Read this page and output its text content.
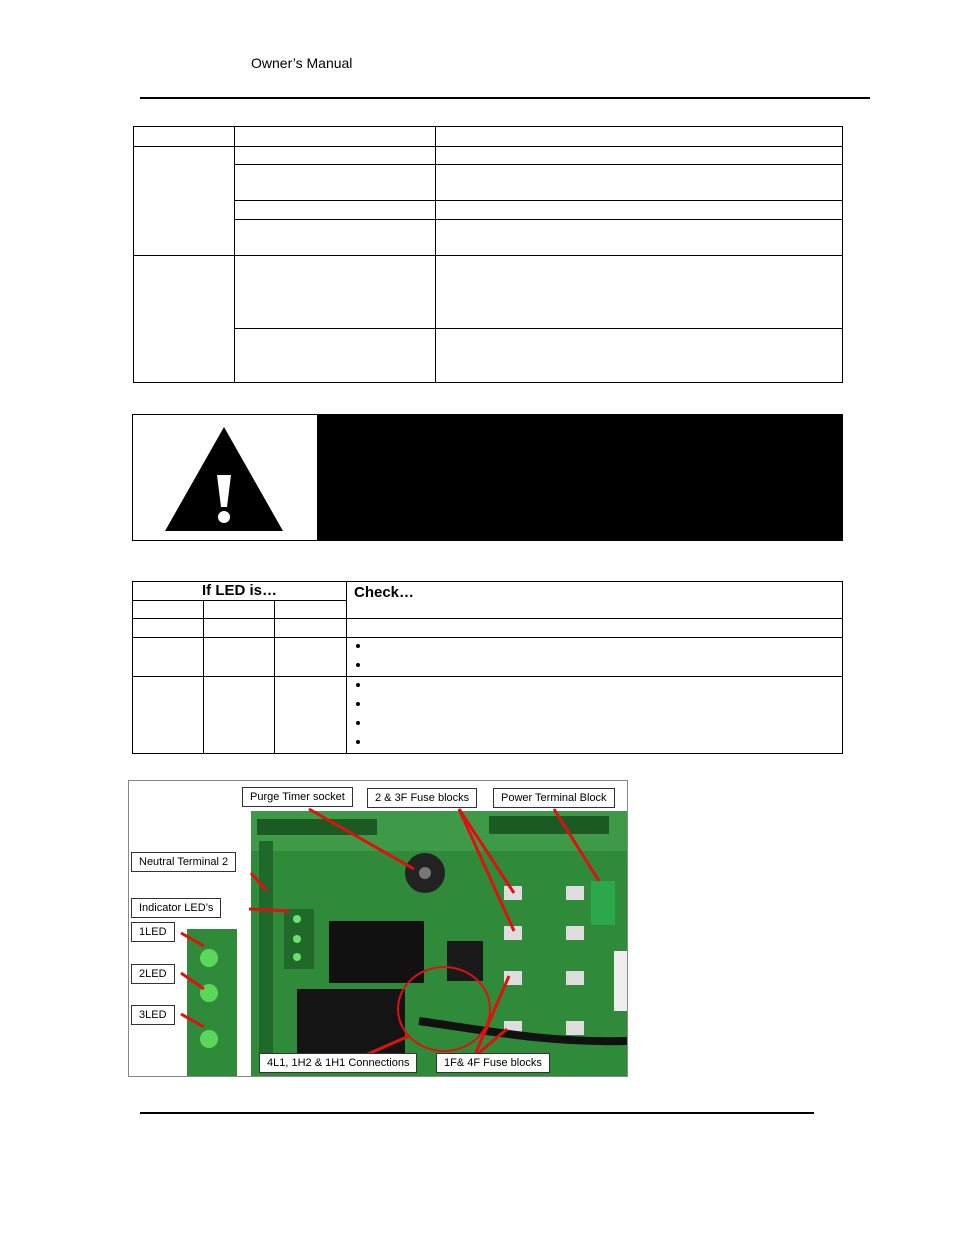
Owner’s Manual

If LED is…			Check…

•
•

•
•
•
•
Purge Timer socket	2 & 3F Fuse blocks	Power Terminal Block
Neutral Terminal 2
Indicator LED’s
1LED
2LED
3LED
4L1, 1H2 & 1H1 Connections	1F& 4F Fuse blocks
